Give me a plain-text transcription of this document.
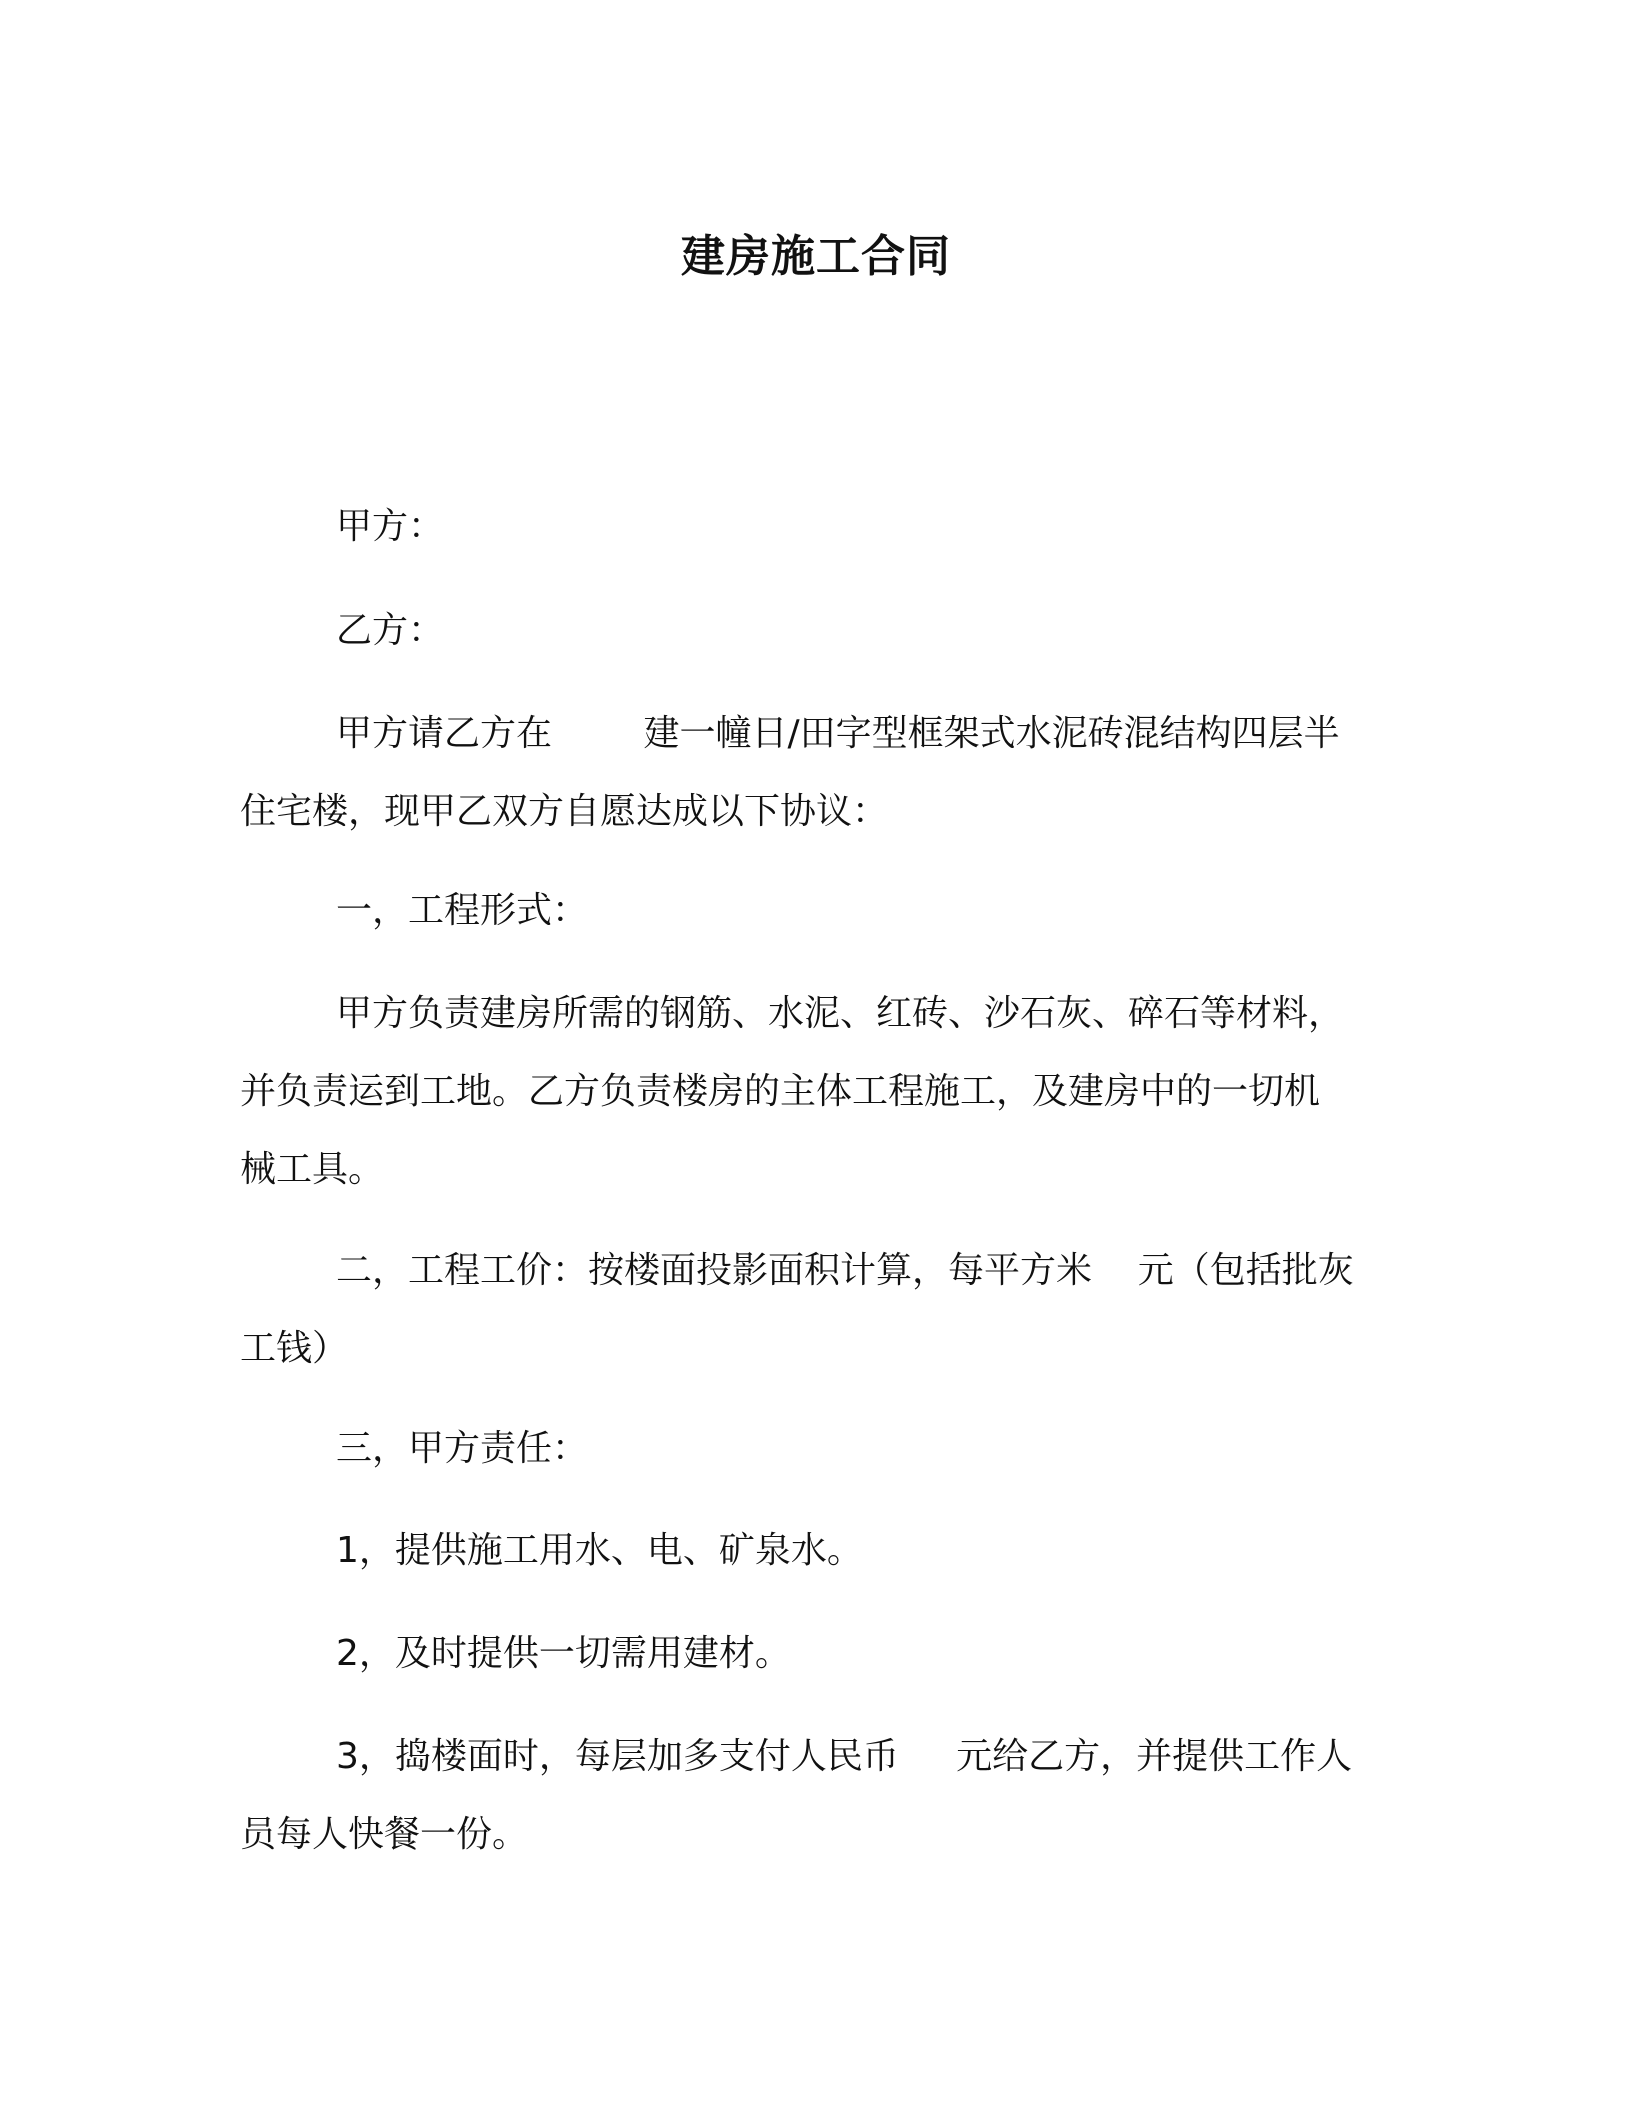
建房施工合同
甲方：
乙方：
甲方请乙方在        建一幢日/田字型框架式水泥砖混结构四层半
住宅楼，现甲乙双方自愿达成以下协议：
一，工程形式：
甲方负责建房所需的钢筋、水泥、红砖、沙石灰、碎石等材料，
并负责运到工地。乙方负责楼房的主体工程施工，及建房中的一切机
械工具。
二，工程工价：按楼面投影面积计算，每平方米    元（包括批灰
工钱）
三，甲方责任：
1，提供施工用水、电、矿泉水。
2，及时提供一切需用建材。
3，捣楼面时，每层加多支付人民币     元给乙方，并提供工作人
员每人快餐一份。
